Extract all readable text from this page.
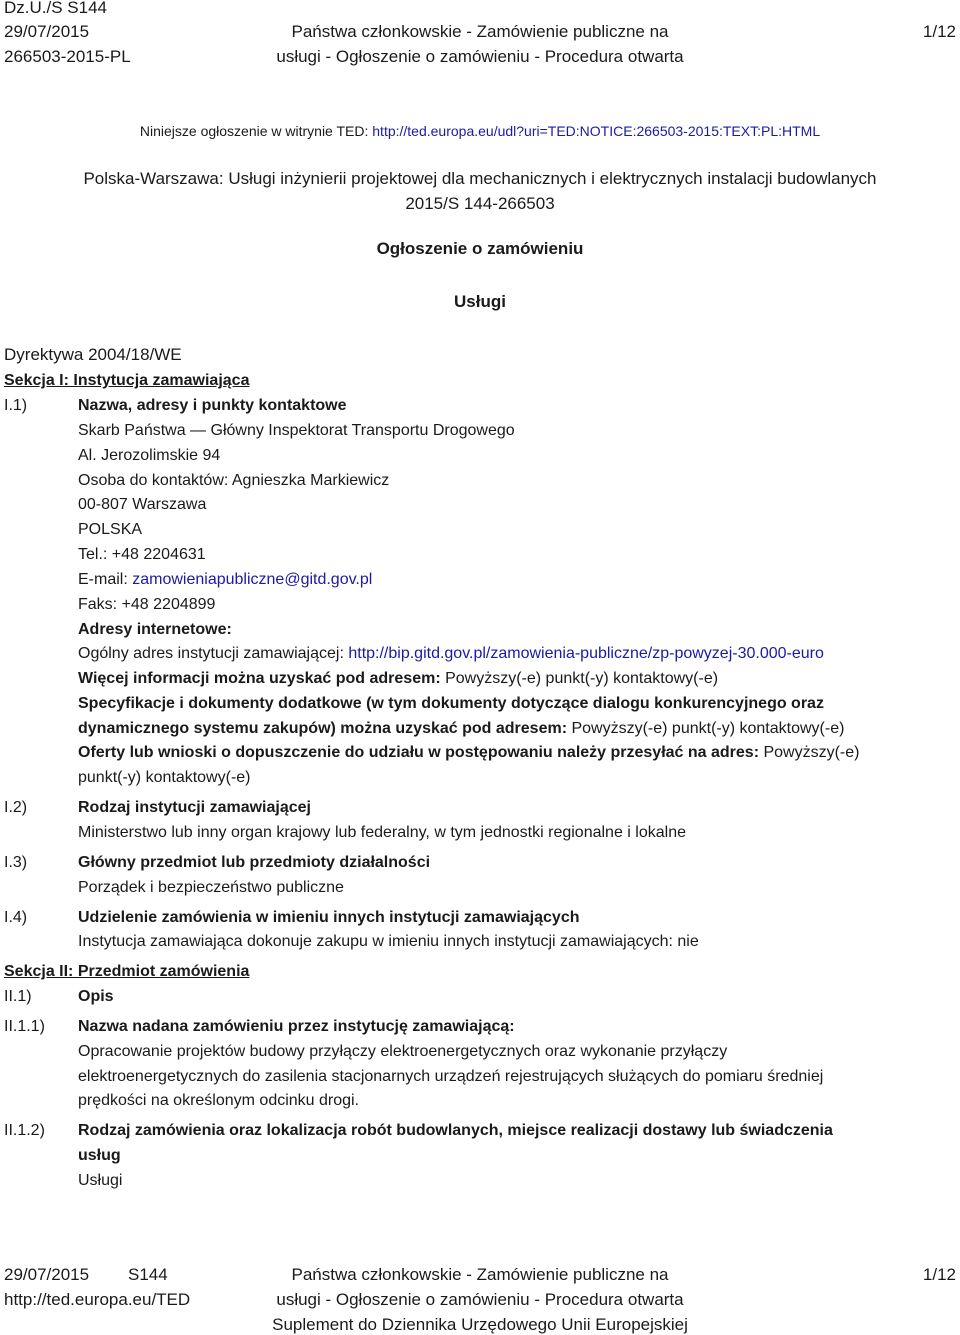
Dz.U./S S144
29/07/2015
266503-2015-PL
Państwa członkowskie - Zamówienie publiczne na
usługi - Ogłoszenie o zamówieniu - Procedura otwarta
1/12
Niniejsze ogłoszenie w witrynie TED: http://ted.europa.eu/udl?uri=TED:NOTICE:266503-2015:TEXT:PL:HTML
Polska-Warszawa: Usługi inżynierii projektowej dla mechanicznych i elektrycznych instalacji budowlanych
2015/S 144-266503
Ogłoszenie o zamówieniu
Usługi
Dyrektywa 2004/18/WE
Sekcja I: Instytucja zamawiająca
I.1)	Nazwa, adresy i punkty kontaktowe
Skarb Państwa — Główny Inspektorat Transportu Drogowego
Al. Jerozolimskie 94
Osoba do kontaktów: Agnieszka Markiewicz
00-807 Warszawa
POLSKA
Tel.: +48 2204631
E-mail: zamowieniapubliczne@gitd.gov.pl
Faks: +48 2204899
Adresy internetowe:
Ogólny adres instytucji zamawiającej: http://bip.gitd.gov.pl/zamowienia-publiczne/zp-powyzej-30.000-euro
Więcej informacji można uzyskać pod adresem: Powyższy(-e) punkt(-y) kontaktowy(-e)
Specyfikacje i dokumenty dodatkowe (w tym dokumenty dotyczące dialogu konkurencyjnego oraz
dynamicznego systemu zakupów) można uzyskać pod adresem: Powyższy(-e) punkt(-y) kontaktowy(-e)
Oferty lub wnioski o dopuszczenie do udziału w postępowaniu należy przesyłać na adres: Powyższy(-e)
punkt(-y) kontaktowy(-e)
I.2)	Rodzaj instytucji zamawiającej
Ministerstwo lub inny organ krajowy lub federalny, w tym jednostki regionalne i lokalne
I.3)	Główny przedmiot lub przedmioty działalności
Porządek i bezpieczeństwo publiczne
I.4)	Udzielenie zamówienia w imieniu innych instytucji zamawiających
Instytucja zamawiająca dokonuje zakupu w imieniu innych instytucji zamawiających: nie
Sekcja II: Przedmiot zamówienia
II.1)	Opis
II.1.1) Nazwa nadana zamówieniu przez instytucję zamawiającą:
Opracowanie projektów budowy przyłączy elektroenergetycznych oraz wykonanie przyłączy
elektroenergetycznych do zasilenia stacjonarnych urządzeń rejestrujących służących do pomiaru średniej
prędkości na określonym odcinku drogi.
II.1.2) Rodzaj zamówienia oraz lokalizacja robót budowlanych, miejsce realizacji dostawy lub świadczenia
usług
Usługi
29/07/2015 S144
http://ted.europa.eu/TED
Państwa członkowskie - Zamówienie publiczne na
usługi - Ogłoszenie o zamówieniu - Procedura otwarta
Suplement do Dziennika Urzędowego Unii Europejskiej
1/12
